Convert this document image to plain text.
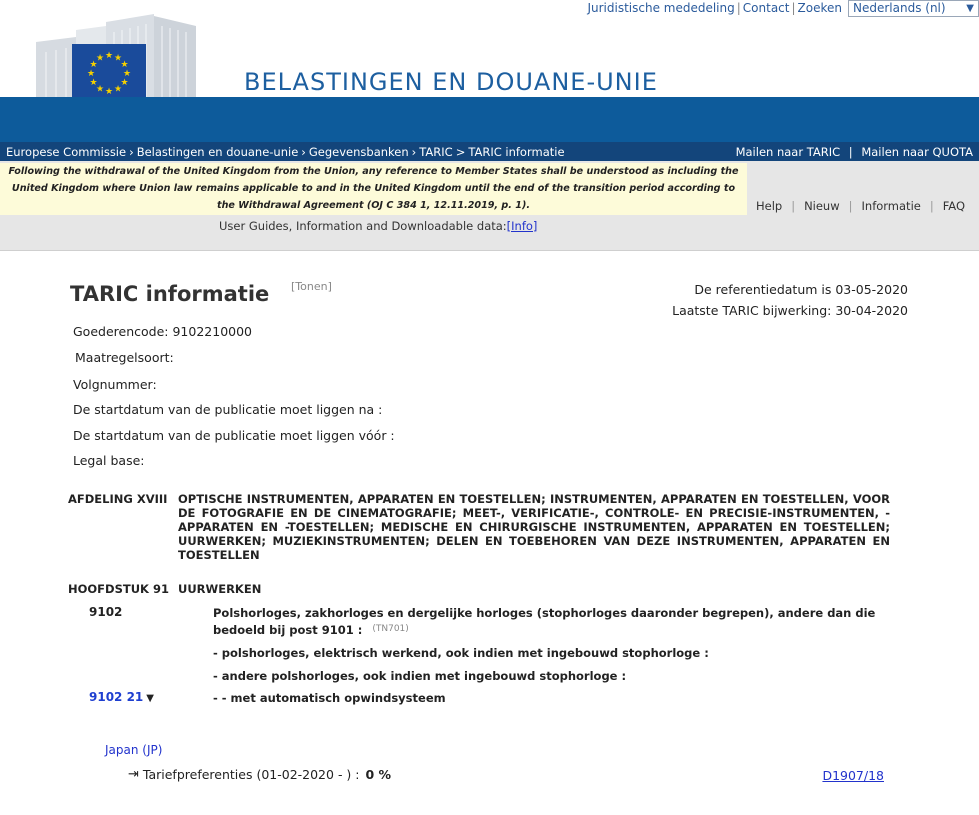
Juridistische mededeling | Contact | Zoeken Nederlands (nl) ▼
★ ★
★
★
★
★
★
★
★
★
★
★
BELASTINGEN EN DOUANE-UNIE
Europese Commissie › Belastingen en douane-unie › Gegevensbanken › TARIC > TARIC informatie	Mailen naar TARIC | Mailen naar QUOTA
Following the withdrawal of the United Kingdom from the Union, any reference to Member States shall be understood as including the United Kingdom where Union law remains applicable to and in the United Kingdom until the end of the transition period according to the Withdrawal Agreement (OJ C 384 1, 12.11.2019, p. 1).	Help | Nieuw | Informatie | FAQ
User Guides, Information and Downloadable data:[Info]
TARIC informatie [Tonen]	De referentiedatum is 03-05-2020
Laatste TARIC bijwerking: 30-04-2020
Goederencode: 9102210000
Maatregelsoort:
Volgnummer:
De startdatum van de publicatie moet liggen na :
De startdatum van de publicatie moet liggen vóór :
Legal base:
AFDELING XVIII OPTISCHE INSTRUMENTEN, APPARATEN EN TOESTELLEN; INSTRUMENTEN, APPARATEN EN TOESTELLEN, VOOR DE FOTOGRAFIE EN DE CINEMATOGRAFIE; MEET-, VERIFICATIE-, CONTROLE- EN PRECISIE-INSTRUMENTEN, -APPARATEN EN -TOESTELLEN; MEDISCHE EN CHIRURGISCHE INSTRUMENTEN, APPARATEN EN TOESTELLEN; UURWERKEN; MUZIEKINSTRUMENTEN; DELEN EN TOEBEHOREN VAN DEZE INSTRUMENTEN, APPARATEN EN TOESTELLEN
HOOFDSTUK 91 UURWERKEN
9102	Polshorloges, zakhorloges en dergelijke horloges (stophorloges daaronder begrepen), andere dan die bedoeld bij post 9101 : $^{(TN701)}$
- polshorloges, elektrisch werkend, ook indien met ingebouwd stophorloge :
- andere polshorloges, ook indien met ingebouwd stophorloge :
9102 21 ▼	- - met automatisch opwindsysteem
Japan (JP)
⇥ Tariefpreferenties (01-02-2020 - ) : 0 %	D1907/18
